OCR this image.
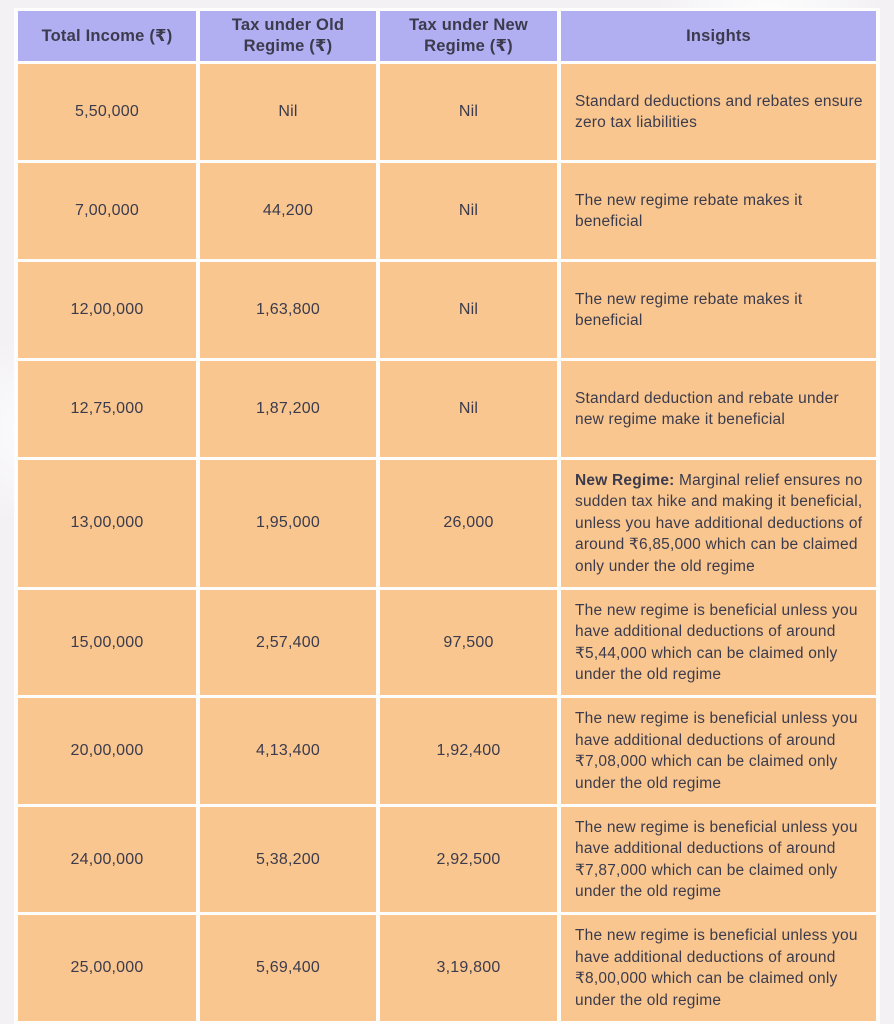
Total Income (₹)	Tax under Old Regime (₹)	Tax under New Regime (₹)	Insights
5,50,000	Nil	Nil	Standard deductions and rebates ensure zero tax liabilities
7,00,000	44,200	Nil	The new regime rebate makes it beneficial
12,00,000	1,63,800	Nil	The new regime rebate makes it beneficial
12,75,000	1,87,200	Nil	Standard deduction and rebate under new regime make it beneficial
13,00,000	1,95,000	26,000	New Regime: Marginal relief ensures no sudden tax hike and making it beneficial, unless you have additional deductions of around ₹6,85,000 which can be claimed only under the old regime
15,00,000	2,57,400	97,500	The new regime is beneficial unless you have additional deductions of around ₹5,44,000 which can be claimed only under the old regime
20,00,000	4,13,400	1,92,400	The new regime is beneficial unless you have additional deductions of around ₹7,08,000 which can be claimed only under the old regime
24,00,000	5,38,200	2,92,500	The new regime is beneficial unless you have additional deductions of around ₹7,87,000 which can be claimed only under the old regime
25,00,000	5,69,400	3,19,800	The new regime is beneficial unless you have additional deductions of around ₹8,00,000 which can be claimed only under the old regime
